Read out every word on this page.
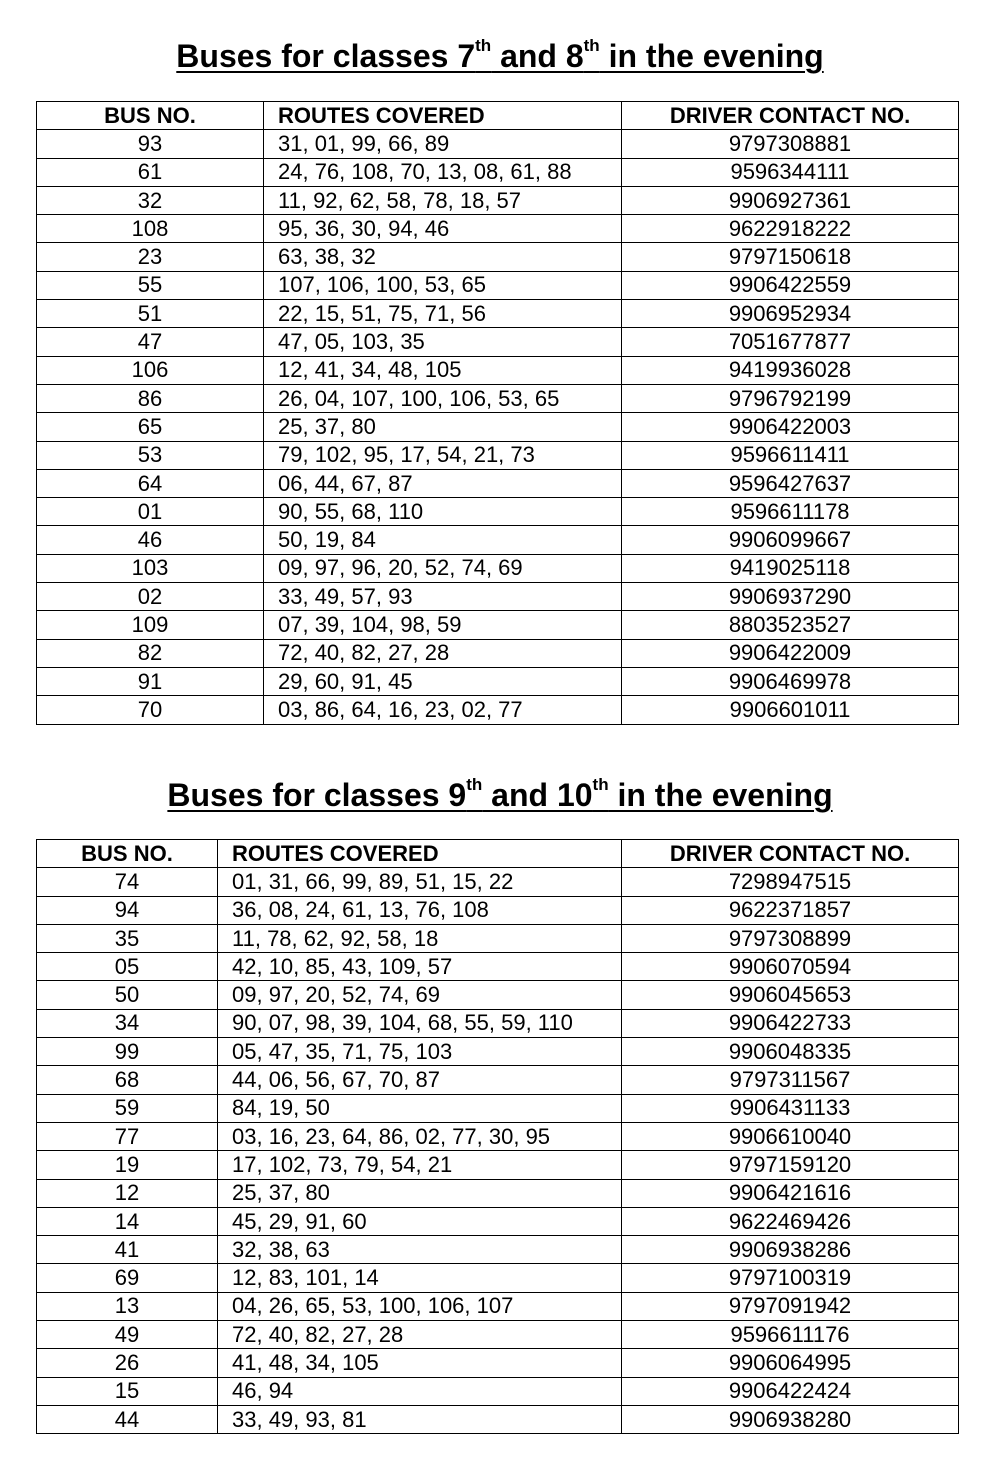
Buses for classes 7th and 8th in the evening
BUS NO.	ROUTES COVERED	DRIVER CONTACT NO.
93	31, 01, 99, 66, 89	9797308881
61	24, 76, 108, 70, 13, 08, 61, 88	9596344111
32	11, 92, 62, 58, 78, 18, 57	9906927361
108	95, 36, 30, 94, 46	9622918222
23	63, 38, 32	9797150618
55	107, 106, 100, 53, 65	9906422559
51	22, 15, 51, 75, 71, 56	9906952934
47	47, 05, 103, 35	7051677877
106	12, 41, 34, 48, 105	9419936028
86	26, 04, 107, 100, 106, 53, 65	9796792199
65	25, 37, 80	9906422003
53	79, 102, 95, 17, 54, 21, 73	9596611411
64	06, 44, 67, 87	9596427637
01	90, 55, 68, 110	9596611178
46	50, 19, 84	9906099667
103	09, 97, 96, 20, 52, 74, 69	9419025118
02	33, 49, 57, 93	9906937290
109	07, 39, 104, 98, 59	8803523527
82	72, 40, 82, 27, 28	9906422009
91	29, 60, 91, 45	9906469978
70	03, 86, 64, 16, 23, 02, 77	9906601011
Buses for classes 9th and 10th in the evening
BUS NO.	ROUTES COVERED	DRIVER CONTACT NO.
74	01, 31, 66, 99, 89, 51, 15, 22	7298947515
94	36, 08, 24, 61, 13, 76, 108	9622371857
35	11, 78, 62, 92, 58, 18	9797308899
05	42, 10, 85, 43, 109, 57	9906070594
50	09, 97, 20, 52, 74, 69	9906045653
34	90, 07, 98, 39, 104, 68, 55, 59, 110	9906422733
99	05, 47, 35, 71, 75, 103	9906048335
68	44, 06, 56, 67, 70, 87	9797311567
59	84, 19, 50	9906431133
77	03, 16, 23, 64, 86, 02, 77, 30, 95	9906610040
19	17, 102, 73, 79, 54, 21	9797159120
12	25, 37, 80	9906421616
14	45, 29, 91, 60	9622469426
41	32, 38, 63	9906938286
69	12, 83, 101, 14	9797100319
13	04, 26, 65, 53, 100, 106, 107	9797091942
49	72, 40, 82, 27, 28	9596611176
26	41, 48, 34, 105	9906064995
15	46, 94	9906422424
44	33, 49, 93, 81	9906938280
